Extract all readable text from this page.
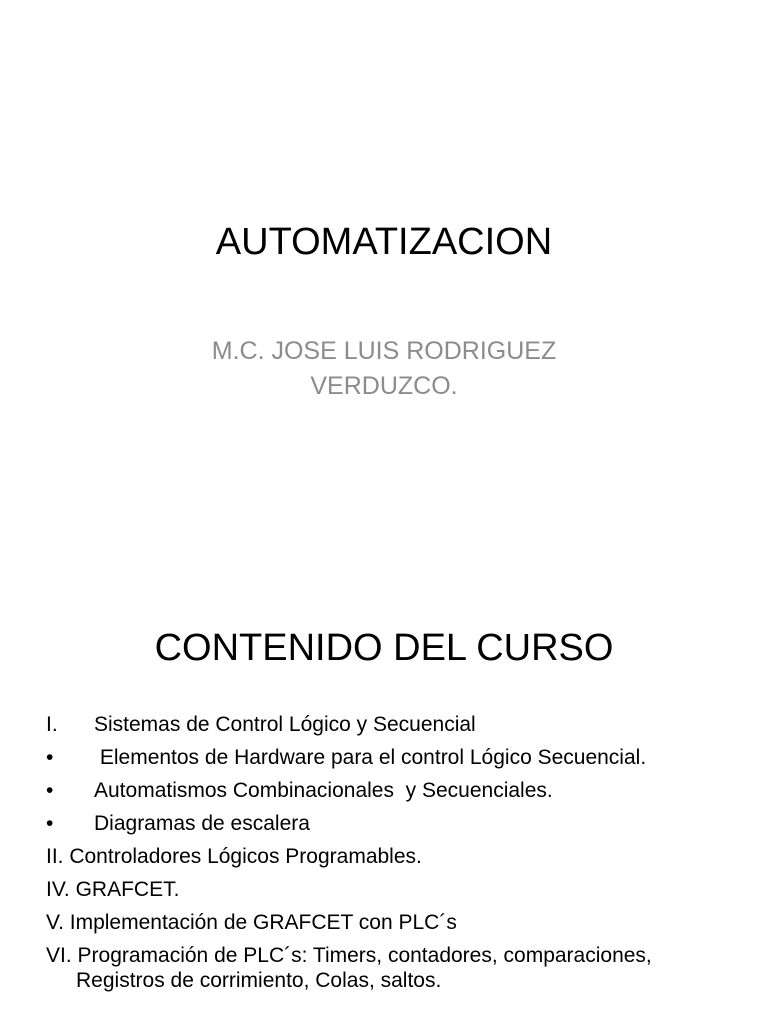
AUTOMATIZACION
M.C. JOSE LUIS RODRIGUEZ
VERDUZCO.
CONTENIDO DEL CURSO
I.	Sistemas de Control Lógico y Secuencial
•	Elementos de Hardware para el control Lógico Secuencial.
•	Automatismos Combinacionales  y Secuenciales.
•	Diagramas de escalera
II. Controladores Lógicos Programables.
IV. GRAFCET.
V. Implementación de GRAFCET con PLC´s
VI. Programación de PLC´s: Timers, contadores, comparaciones, Registros de corrimiento, Colas, saltos.
